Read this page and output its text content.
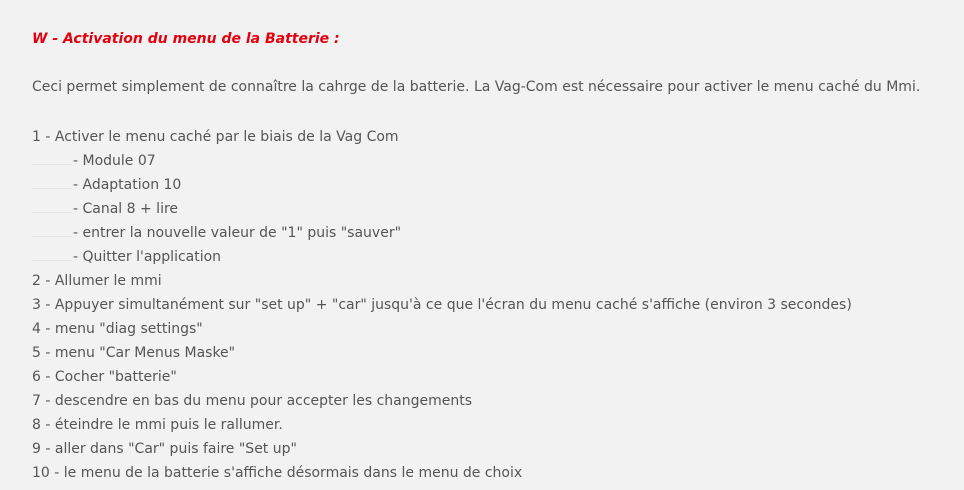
W - Activation du menu de la Batterie :

Ceci permet simplement de connaître la cahrge de la batterie. La Vag-Com est nécessaire pour activer le menu caché du Mmi.

1 - Activer le menu caché par le biais de la Vag Com
- Module 07
- Adaptation 10
- Canal 8 + lire
- entrer la nouvelle valeur de "1" puis "sauver"
- Quitter l'application
2 - Allumer le mmi
3 - Appuyer simultanément sur "set up" + "car" jusqu'à ce que l'écran du menu caché s'affiche (environ 3 secondes)
4 - menu "diag settings"
5 - menu "Car Menus Maske"
6 - Cocher "batterie"
7 - descendre en bas du menu pour accepter les changements
8 - éteindre le mmi puis le rallumer.
9 - aller dans "Car" puis faire "Set up"
10 - le menu de la batterie s'affiche désormais dans le menu de choix
